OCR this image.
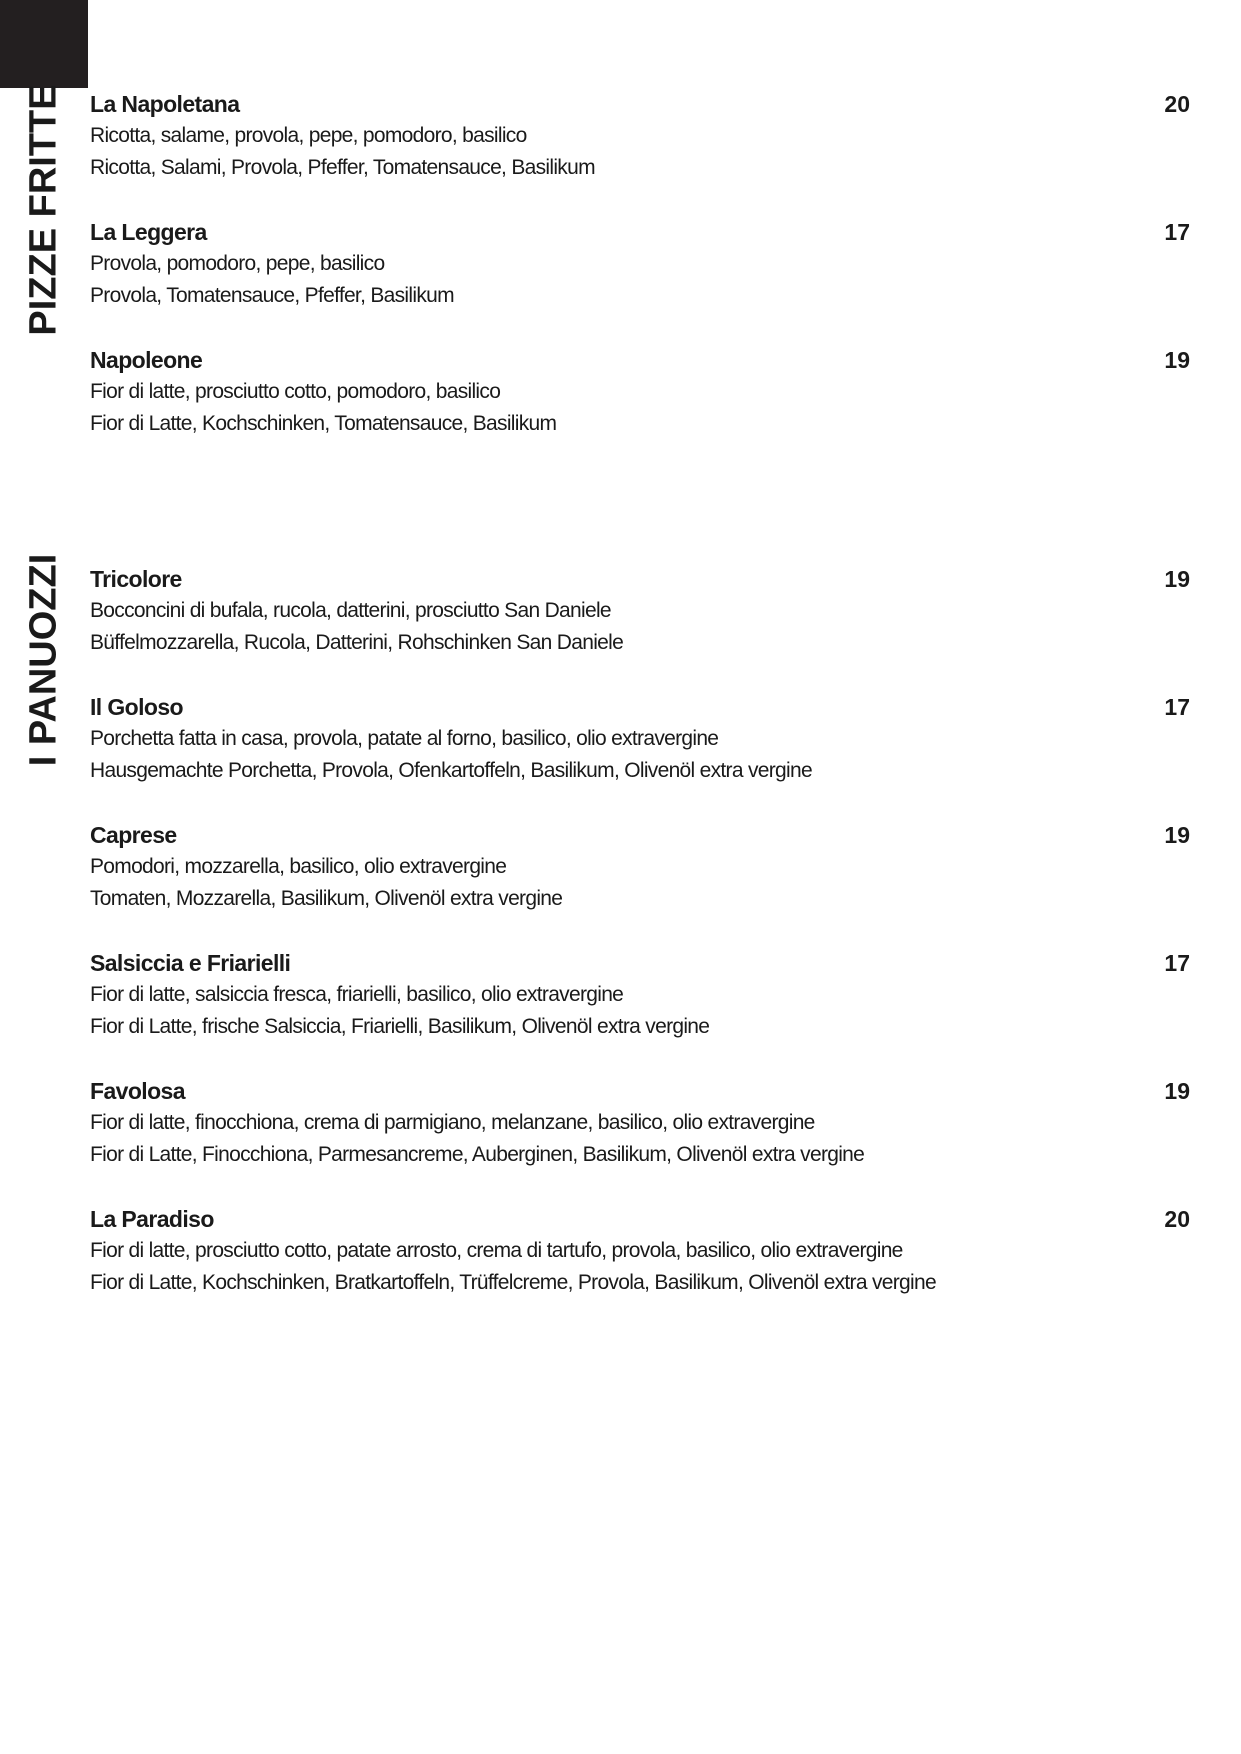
PIZZE FRITTE La Napoletana	20
Ricotta, salame, provola, pepe, pomodoro, basilico
Ricotta, Salami, Provola, Pfeffer, Tomatensauce, Basilikum
La Leggera	17
Provola, pomodoro, pepe, basilico
Provola, Tomatensauce, Pfeffer, Basilikum
Napoleone	19
Fior di latte, prosciutto cotto, pomodoro, basilico
Fior di Latte, Kochschinken, Tomatensauce, Basilikum
I PANUOZZI Tricolore	19
Bocconcini di bufala, rucola, datterini, prosciutto San Daniele
Büffelmozzarella, Rucola, Datterini, Rohschinken San Daniele
Il Goloso	17
Porchetta fatta in casa, provola, patate al forno, basilico, olio extravergine
Hausgemachte Porchetta, Provola, Ofenkartoffeln, Basilikum, Olivenöl extra vergine
Caprese	19
Pomodori, mozzarella, basilico, olio extravergine
Tomaten, Mozzarella, Basilikum, Olivenöl extra vergine
Salsiccia e Friarielli	17
Fior di latte, salsiccia fresca, friarielli, basilico, olio extravergine
Fior di Latte, frische Salsiccia, Friarielli, Basilikum, Olivenöl extra vergine
Favolosa	19
Fior di latte, finocchiona, crema di parmigiano, melanzane, basilico, olio extravergine
Fior di Latte, Finocchiona, Parmesancreme, Auberginen, Basilikum, Olivenöl extra vergine
La Paradiso	20
Fior di latte, prosciutto cotto, patate arrosto, crema di tartufo, provola, basilico, olio extravergine
Fior di Latte, Kochschinken, Bratkartoffeln, Trüffelcreme, Provola, Basilikum, Olivenöl extra vergine
